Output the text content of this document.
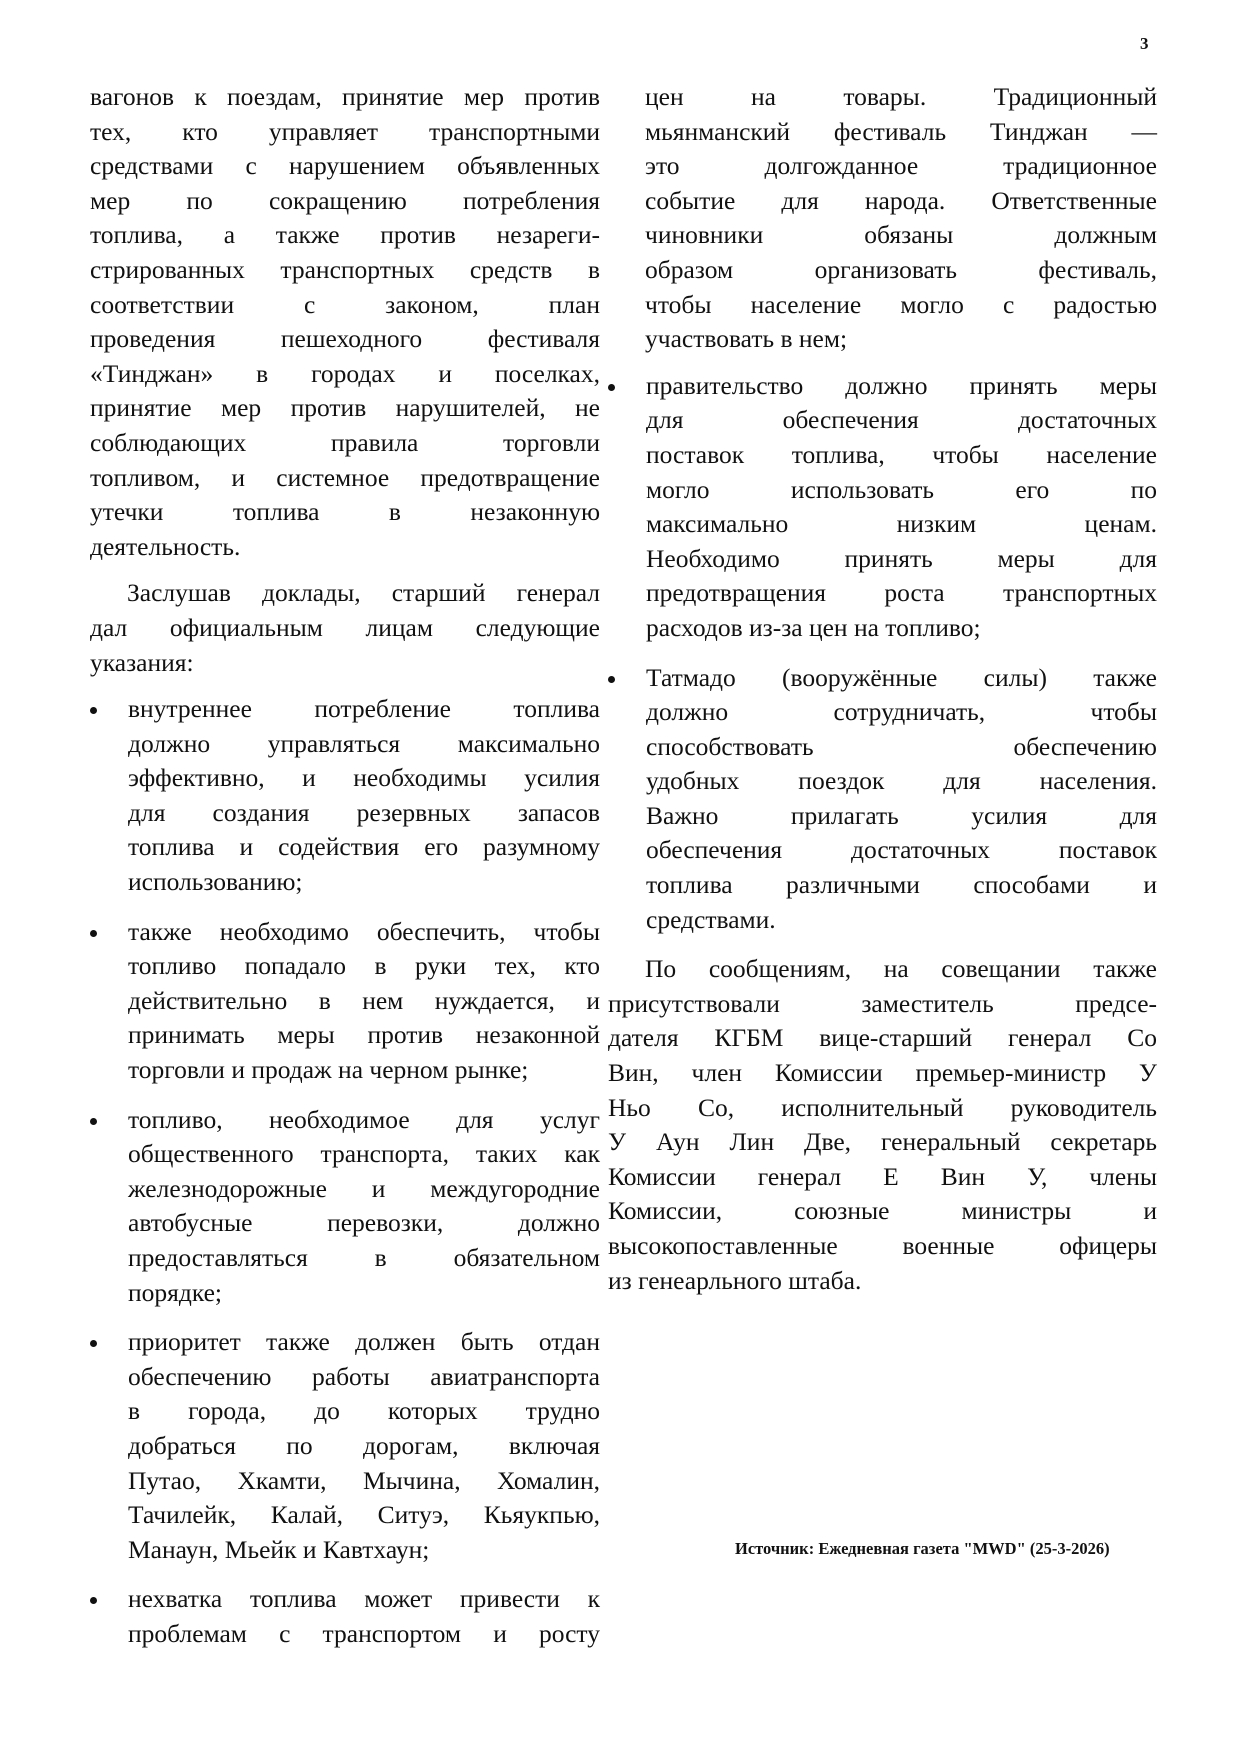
3

вагонов к поездам, принятие мер против
тех, кто управляет транспортными
средствами с нарушением объявленных
мер по сокращению потребления
топлива, а также против незареги-
стрированных транспортных средств в
соответствии с законом, план
проведения пешеходного фестиваля
«Тинджан» в городах и поселках,
принятие мер против нарушителей, не
соблюдающих правила торговли
топливом, и системное предотвращение
утечки топлива в незаконную
деятельность.

Заслушав доклады, старший генерал
дал официальным лицам следующие
указания:

внутреннее потребление топлива
должно управляться максимально
эффективно, и необходимы усилия
для создания резервных запасов
топлива и содействия его разумному
использованию;
также необходимо обеспечить, чтобы
топливо попадало в руки тех, кто
действительно в нем нуждается, и
принимать меры против незаконной
торговли и продаж на черном рынке;
топливо, необходимое для услуг
общественного транспорта, таких как
железнодорожные и междугородние
автобусные перевозки, должно
предоставляться в обязательном
порядке;
приоритет также должен быть отдан
обеспечению работы авиатранспорта
в города, до которых трудно
добраться по дорогам, включая
Путао, Хкамти, Мычина, Хомалин,
Тачилейк, Калай, Ситуэ, Кьяукпью,
Манаун, Мьейк и Кавтхаун;
нехватка топлива может привести к
проблемам с транспортом и росту

цен на товары. Традиционный
мьянманский фестиваль Тинджан —
это долгожданное традиционное
событие для народа. Ответственные
чиновники обязаны должным
образом организовать фестиваль,
чтобы население могло с радостью
участвовать в нем;

правительство должно принять меры
для обеспечения достаточных
поставок топлива, чтобы население
могло использовать его по
максимально низким ценам.
Необходимо принять меры для
предотвращения роста транспортных
расходов из-за цен на топливо;
Татмадо (вооружённые силы) также
должно сотрудничать, чтобы
способствовать обеспечению
удобных поездок для населения.
Важно прилагать усилия для
обеспечения достаточных поставок
топлива различными способами и
средствами.

По сообщениям, на совещании также
присутствовали заместитель предсе-
дателя КГБМ вице-старший генерал Со
Вин, член Комиссии премьер-министр У
Ньо Со, исполнительный руководитель
У Аун Лин Две, генеральный секретарь
Комиссии генерал Е Вин У, члены
Комиссии, союзные министры и
высокопоставленные военные офицеры
из генеарльного штаба.

Источник: Ежедневная газета "MWD" (25-3-2026)
